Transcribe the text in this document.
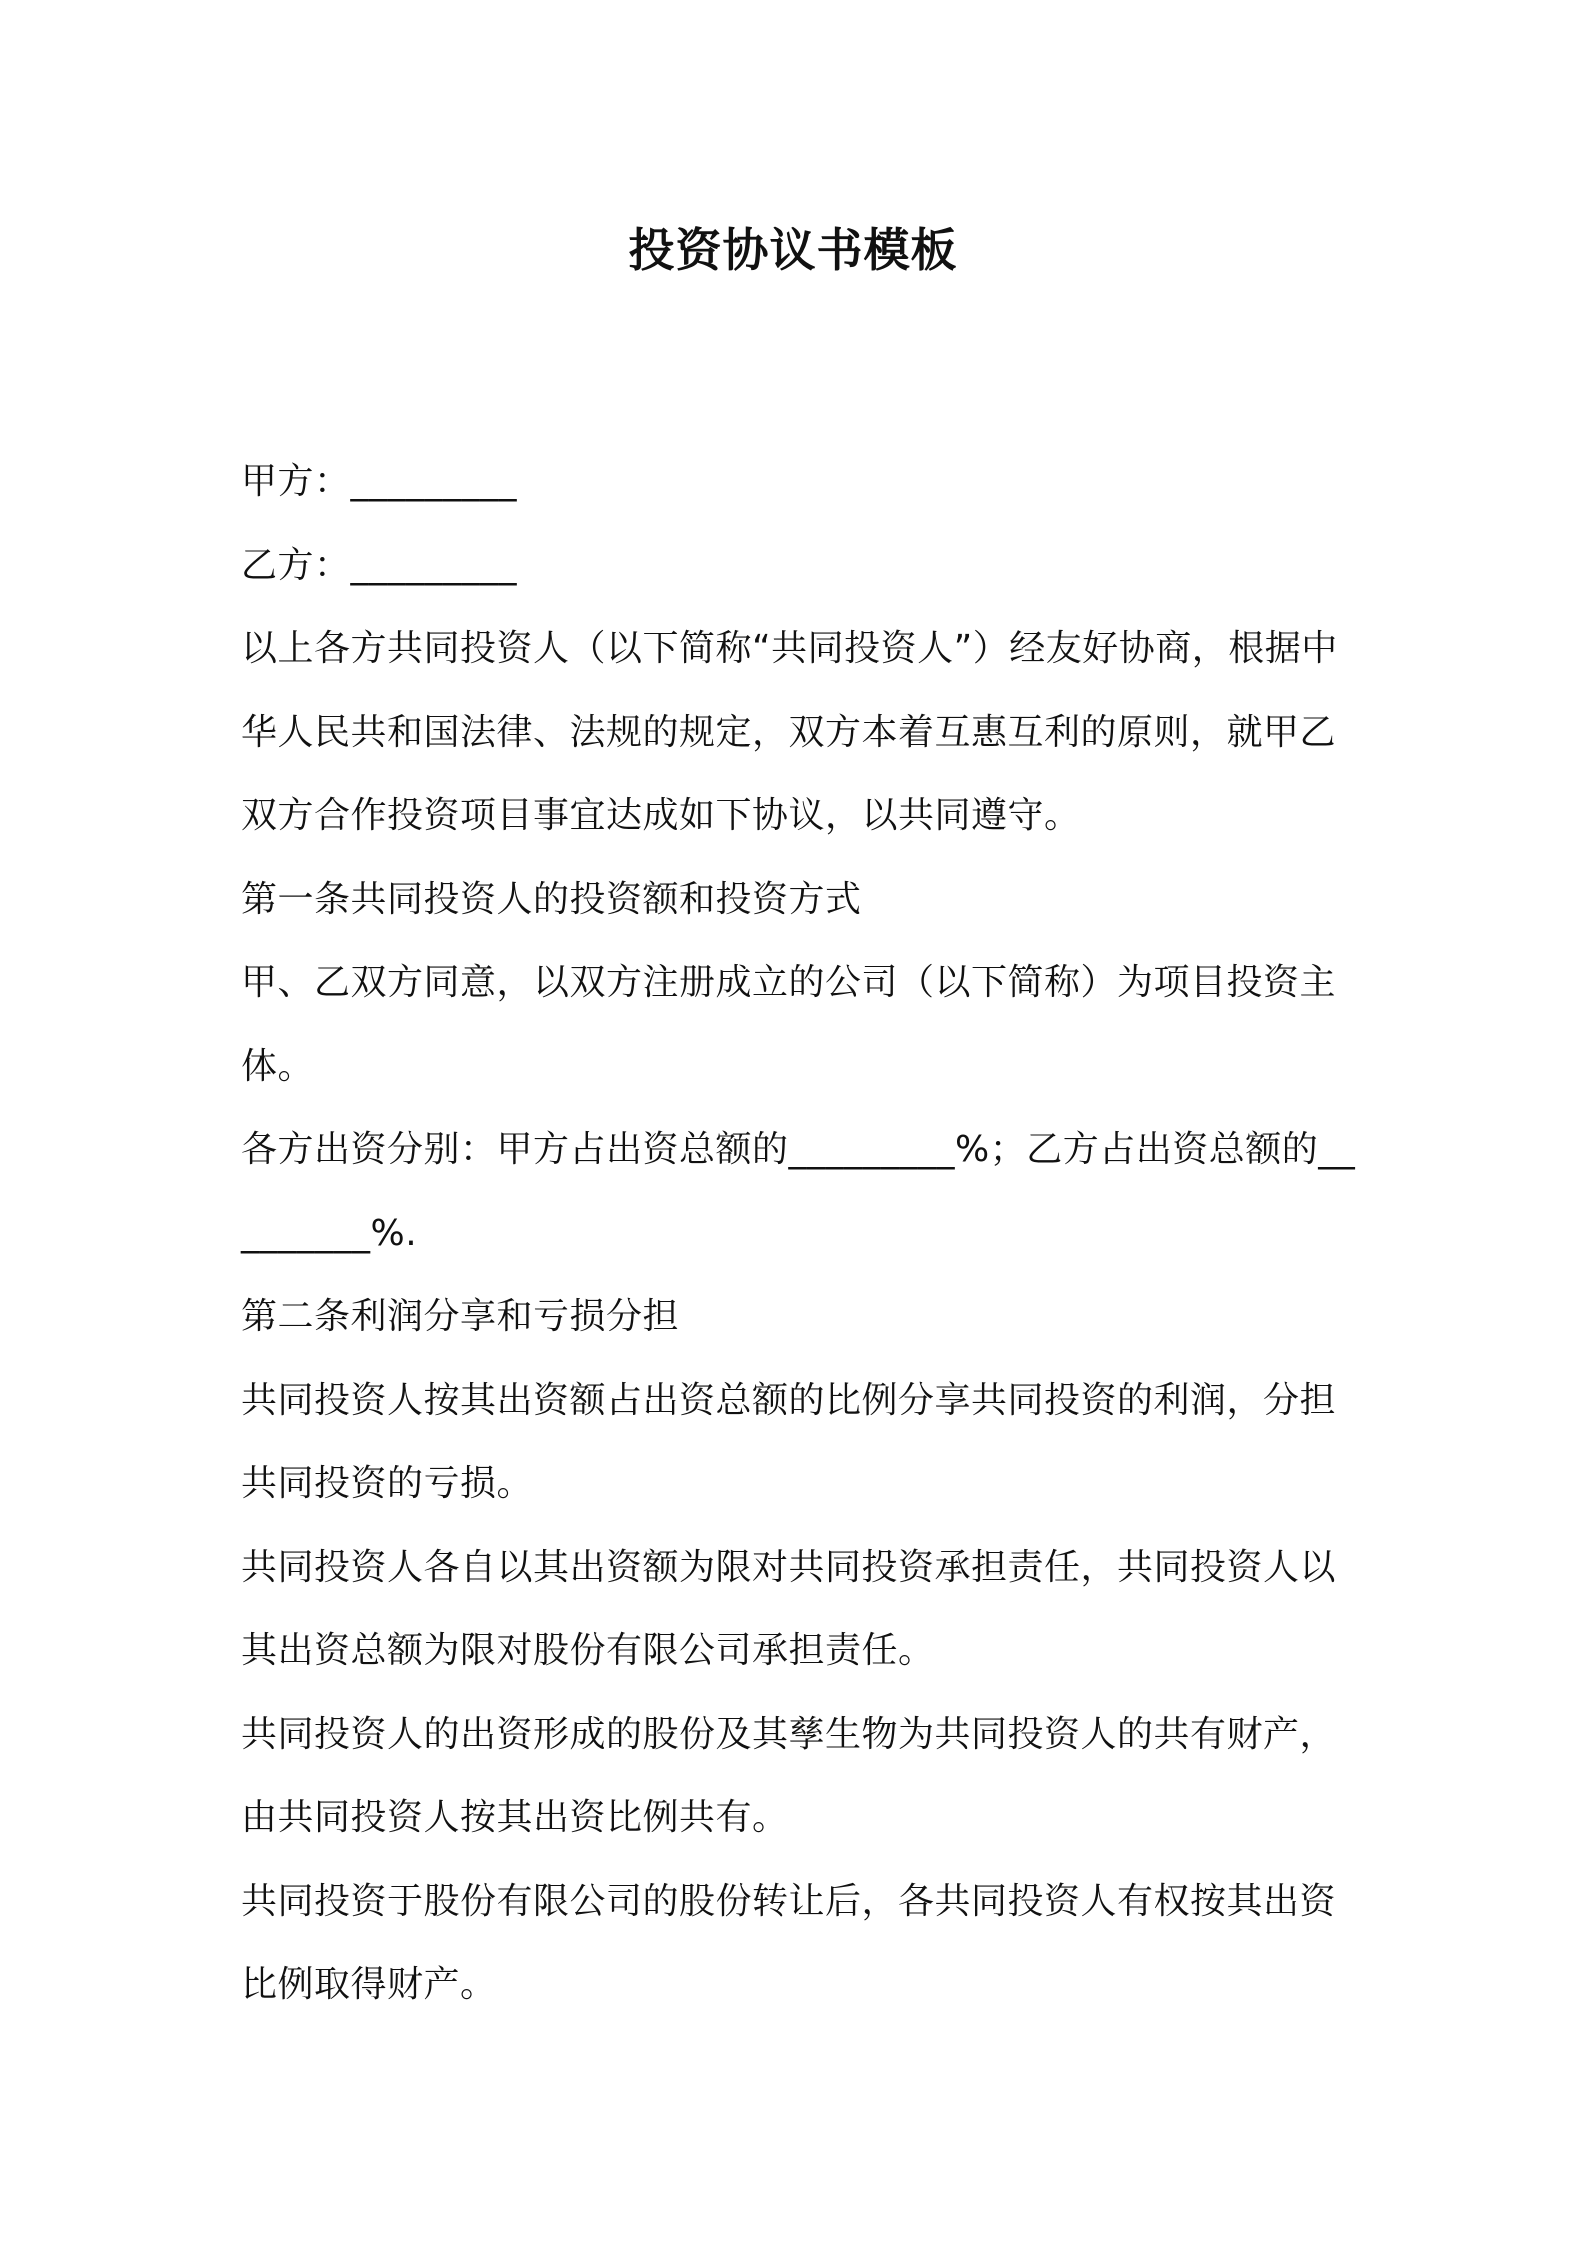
投资协议书模板

甲方：_________

乙方：_________

以上各方共同投资人（以下简称“共同投资人”）经友好协商，根据中华人民共和国法律、法规的规定，双方本着互惠互利的原则，就甲乙双方合作投资项目事宜达成如下协议，以共同遵守。

第一条共同投资人的投资额和投资方式

甲、乙双方同意，以双方注册成立的公司（以下简称）为项目投资主体。

各方出资分别：甲方占出资总额的_________%；乙方占出资总额的_________%.

第二条利润分享和亏损分担

共同投资人按其出资额占出资总额的比例分享共同投资的利润，分担共同投资的亏损。

共同投资人各自以其出资额为限对共同投资承担责任，共同投资人以其出资总额为限对股份有限公司承担责任。

共同投资人的出资形成的股份及其孳生物为共同投资人的共有财产，由共同投资人按其出资比例共有。

共同投资于股份有限公司的股份转让后，各共同投资人有权按其出资比例取得财产。
